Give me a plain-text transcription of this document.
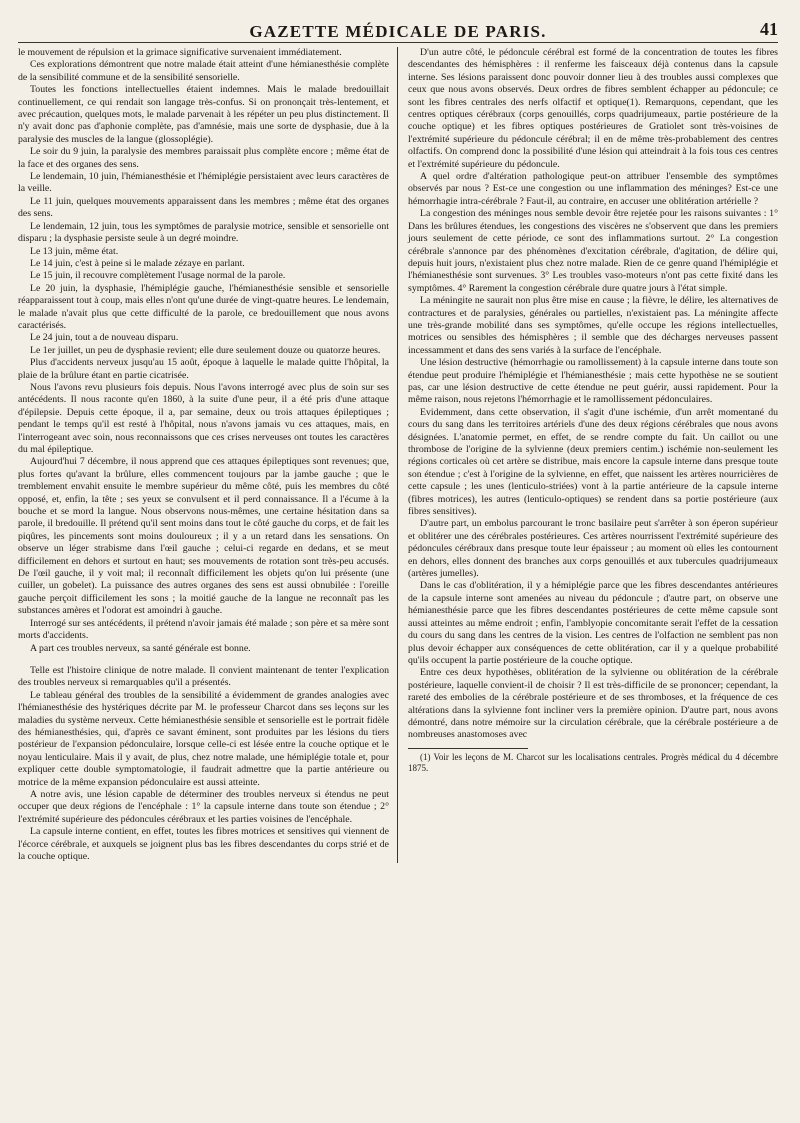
GAZETTE MÉDICALE DE PARIS.	41

le mouvement de répulsion et la grimace significative survenaient immédiatement.

Ces explorations démontrent que notre malade était atteint d'une hémianesthésie complète de la sensibilité commune et de la sensibilité sensorielle.

Toutes les fonctions intellectuelles étaient indemnes. Mais le malade bredouillait continuellement, ce qui rendait son langage très-confus. Si on prononçait très-lentement, et avec précaution, quelques mots, le malade parvenait à les répéter un peu plus distinctement. Il n'y avait donc pas d'aphonie complète, pas d'amnésie, mais une sorte de dysphasie, due à la paralysie des muscles de la langue (glossoplégie).

Le soir du 9 juin, la paralysie des membres paraissait plus complète encore ; même état de la face et des organes des sens.

Le lendemain, 10 juin, l'hémianesthésie et l'hémiplégie persistaient avec leurs caractères de la veille.

Le 11 juin, quelques mouvements apparaissent dans les membres ; même état des organes des sens.

Le lendemain, 12 juin, tous les symptômes de paralysie motrice, sensible et sensorielle ont disparu ; la dysphasie persiste seule à un degré moindre.

Le 13 juin, même état.

Le 14 juin, c'est à peine si le malade zézaye en parlant.

Le 15 juin, il recouvre complètement l'usage normal de la parole.

Le 20 juin, la dysphasie, l'hémiplégie gauche, l'hémianesthésie sensible et sensorielle réapparaissent tout à coup, mais elles n'ont qu'une durée de vingt-quatre heures. Le lendemain, le malade n'avait plus que cette difficulté de la parole, ce bredouillement que nous avons caractérisés.

Le 24 juin, tout a de nouveau disparu.

Le 1er juillet, un peu de dysphasie revient; elle dure seulement douze ou quatorze heures.

Plus d'accidents nerveux jusqu'au 15 août, époque à laquelle le malade quitte l'hôpital, la plaie de la brûlure étant en partie cicatrisée.

Nous l'avons revu plusieurs fois depuis. Nous l'avons interrogé avec plus de soin sur ses antécédents. Il nous raconte qu'en 1860, à la suite d'une peur, il a été pris d'une attaque d'épilepsie. Depuis cette époque, il a, par semaine, deux ou trois attaques épileptiques ; pendant le temps qu'il est resté à l'hôpital, nous n'avons jamais vu ces attaques, mais, en l'interrogeant avec soin, nous reconnaissons que ces crises nerveuses ont toutes les caractères du mal épileptique.

Aujourd'hui 7 décembre, il nous apprend que ces attaques épileptiques sont revenues; que, plus fortes qu'avant la brûlure, elles commencent toujours par la jambe gauche ; que le tremblement envahit ensuite le membre supérieur du même côté, puis les membres du côté opposé, et, enfin, la tête ; ses yeux se convulsent et il perd connaissance. Il a l'écume à la bouche et se mord la langue. Nous observons nous-mêmes, une certaine hésitation dans sa parole, il bredouille. Il prétend qu'il sent moins dans tout le côté gauche du corps, et de fait les piqûres, les pincements sont moins douloureux ; il y a un retard dans les sensations. On observe un léger strabisme dans l'œil gauche ; celui-ci regarde en dedans, et se meut difficilement en dehors et surtout en haut; ses mouvements de rotation sont très-peu accusés. De l'œil gauche, il y voit mal; il reconnaît difficilement les objets qu'on lui présente (une cuiller, un gobelet). La puissance des autres organes des sens est aussi obnubilée : l'oreille gauche perçoit difficilement les sons ; la moitié gauche de la langue ne reconnaît pas les substances amères et l'odorat est amoindri à gauche.

Interrogé sur ses antécédents, il prétend n'avoir jamais été malade ; son père et sa mère sont morts d'accidents.

A part ces troubles nerveux, sa santé générale est bonne.

Telle est l'histoire clinique de notre malade. Il convient maintenant de tenter l'explication des troubles nerveux si remarquables qu'il a présentés.

Le tableau général des troubles de la sensibilité a évidemment de grandes analogies avec l'hémianesthésie des hystériques décrite par M. le professeur Charcot dans ses leçons sur les maladies du système nerveux. Cette hémianesthésie sensible et sensorielle est le portrait fidèle des hémianesthésies, qui, d'après ce savant éminent, sont produites par les lésions du tiers postérieur de l'expansion pédonculaire, lorsque celle-ci est lésée entre la couche optique et le noyau lenticulaire. Mais il y avait, de plus, chez notre malade, une hémiplégie totale et, pour expliquer cette double symptomatologie, il faudrait admettre que la partie antérieure ou motrice de la même expansion pédonculaire est aussi atteinte.

A notre avis, une lésion capable de déterminer des troubles nerveux si étendus ne peut occuper que deux régions de l'encéphale : 1° la capsule interne dans toute son étendue ; 2° l'extrémité supérieure des pédoncules cérébraux et les parties voisines de l'encéphale.

La capsule interne contient, en effet, toutes les fibres motrices et sensitives qui viennent de l'écorce cérébrale, et auxquels se joignent plus bas les fibres descendantes du corps strié et de la couche optique.

D'un autre côté, le pédoncule cérébral est formé de la concentration de toutes les fibres descendantes des hémisphères : il renferme les faisceaux déjà contenus dans la capsule interne. Ses lésions paraissent donc pouvoir donner lieu à des troubles aussi complexes que ceux que nous avons observés. Deux ordres de fibres semblent échapper au pédoncule; ce sont les fibres centrales des nerfs olfactif et optique(1). Remarquons, cependant, que les centres optiques cérébraux (corps genouillés, corps quadrijumeaux, partie postérieure de la couche optique) et les fibres optiques postérieures de Gratiolet sont très-voisines de l'extrémité supérieure du pédoncule cérébral; il en de même très-probablement des centres olfactifs. On comprend donc la possibilité d'une lésion qui atteindrait à la fois tous ces centres et l'extrémité supérieure du pédoncule.

A quel ordre d'altération pathologique peut-on attribuer l'ensemble des symptômes observés par nous ? Est-ce une congestion ou une inflammation des méninges? Est-ce une hémorrhagie intra-cérébrale ? Faut-il, au contraire, en accuser une oblitération artérielle ?

La congestion des méninges nous semble devoir être rejetée pour les raisons suivantes : 1° Dans les brûlures étendues, les congestions des viscères ne s'observent que dans les premiers jours seulement de cette période, ce sont des inflammations surtout. 2° La congestion cérébrale s'annonce par des phénomènes d'excitation cérébrale, d'agitation, de délire qui, depuis huit jours, n'existaient plus chez notre malade. Rien de ce genre quand l'hémiplégie et l'hémianesthésie sont survenues. 3° Les troubles vaso-moteurs n'ont pas cette fixité dans les symptômes. 4° Rarement la congestion cérébrale dure quatre jours à l'état simple.

La méningite ne saurait non plus être mise en cause ; la fièvre, le délire, les alternatives de contractures et de paralysies, générales ou partielles, n'existaient pas. La méningite affecte une très-grande mobilité dans ses symptômes, qu'elle occupe les régions intellectuelles, motrices ou sensibles des hémisphères ; il semble que des décharges nerveuses passent incessamment et dans des sens variés à la surface de l'encéphale.

Une lésion destructive (hémorrhagie ou ramollissement) à la capsule interne dans toute son étendue peut produire l'hémiplégie et l'hémianesthésie ; mais cette hypothèse ne se soutient pas, car une lésion destructive de cette étendue ne peut guérir, aussi rapidement. Pour la même raison, nous rejetons l'hémorrhagie et le ramollissement pédonculaires.

Evidemment, dans cette observation, il s'agit d'une ischémie, d'un arrêt momentané du cours du sang dans les territoires artériels d'une des deux régions cérébrales que nous avons désignées. L'anatomie permet, en effet, de se rendre compte du fait. Un caillot ou une thrombose de l'origine de la sylvienne (deux premiers centim.) ischémie non-seulement les régions corticales où cet artère se distribue, mais encore la capsule interne dans presque toute son étendue ; c'est à l'origine de la sylvienne, en effet, que naissent les artères nourricières de cette capsule ; les unes (lenticulo-striées) vont à la partie antérieure de la capsule interne (fibres motrices), les autres (lenticulo-optiques) se rendent dans sa portie postérieure (aux fibres sensitives).

D'autre part, un embolus parcourant le tronc basilaire peut s'arrêter à son éperon supérieur et oblitérer une des cérébrales postérieures. Ces artères nourrissent l'extrémité supérieure des pédoncules cérébraux dans presque toute leur épaisseur ; au moment où elles les contournent en dehors, elles donnent des branches aux corps genouillés et aux tubercules quadrijumeaux (artères jumelles).

Dans le cas d'oblitération, il y a hémiplégie parce que les fibres descendantes antérieures de la capsule interne sont amenées au niveau du pédoncule ; d'autre part, on observe une hémianesthésie parce que les fibres descendantes postérieures de cette même capsule sont aussi atteintes au même endroit ; enfin, l'amblyopie concomitante serait l'effet de la cessation du cours du sang dans les centres de la vision. Les centres de l'olfaction ne semblent pas non plus devoir échapper aux conséquences de cette oblitération, car il y a quelque probabilité qu'ils occupent la partie postérieure de la couche optique.

Entre ces deux hypothèses, oblitération de la sylvienne ou oblitération de la cérébrale postérieure, laquelle convient-il de choisir ? Il est très-difficile de se prononcer; cependant, la rareté des embolies de la cérébrale postérieure et de ses thromboses, et la fréquence de ces altérations dans la sylvienne font incliner vers la première opinion. D'autre part, nous avons démontré, dans notre mémoire sur la circulation cérébrale, que la cérébrale postérieure a de nombreuses anastomoses avec

(1) Voir les leçons de M. Charcot sur les localisations centrales. Progrès médical du 4 décembre 1875.
